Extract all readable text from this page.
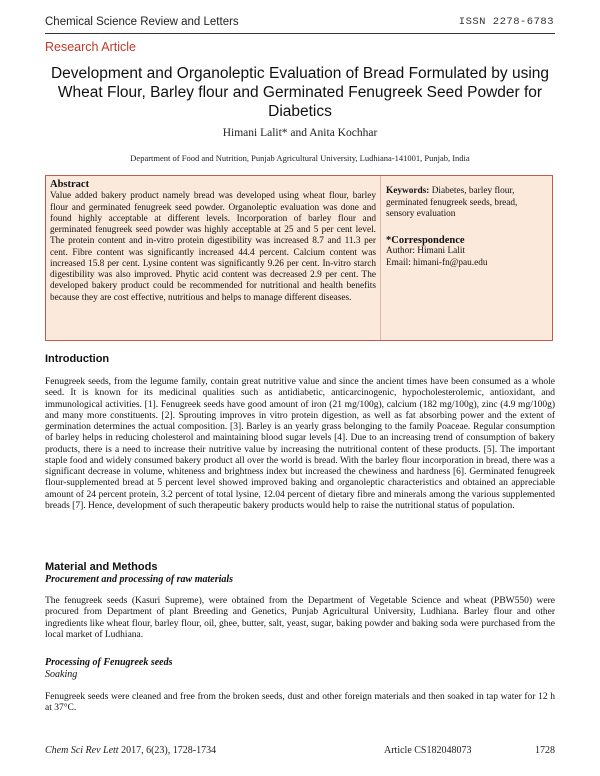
Chemical Science Review and Letters	ISSN 2278-6783
Research Article
Development and Organoleptic Evaluation of Bread Formulated by using Wheat Flour, Barley flour and Germinated Fenugreek Seed Powder for Diabetics
Himani Lalit* and Anita Kochhar
Department of Food and Nutrition, Punjab Agricultural University, Ludhiana-141001, Punjab, India
Abstract
Value added bakery product namely bread was developed using wheat flour, barley flour and germinated fenugreek seed powder. Organoleptic evaluation was done and found highly acceptable at different levels. Incorporation of barley flour and germinated fenugreek seed powder was highly acceptable at 25 and 5 per cent level. The protein content and in-vitro protein digestibility was increased 8.7 and 11.3 per cent. Fibre content was significantly increased 44.4 percent. Calcium content was increased 15.8 per cent. Lysine content was significantly 9.26 per cent. In-vitro starch digestibility was also improved. Phytic acid content was decreased 2.9 per cent. The developed bakery product could be recommended for nutritional and health benefits because they are cost effective, nutritious and helps to manage different diseases.
Keywords: Diabetes, barley flour, germinated fenugreek seeds, bread, sensory evaluation
*Correspondence
Author: Himani Lalit
Email: himani-fn@pau.edu
Introduction

Fenugreek seeds, from the legume family, contain great nutritive value and since the ancient times have been consumed as a whole seed. It is known for its medicinal qualities such as antidiabetic, anticarcinogenic, hypocholesterolemic, antioxidant, and immunological activities. [1]. Fenugreek seeds have good amount of iron (21 mg/100g), calcium (182 mg/100g), zinc (4.9 mg/100g) and many more constituents. [2]. Sprouting improves in vitro protein digestion, as well as fat absorbing power and the extent of germination determines the actual composition. [3]. Barley is an yearly grass belonging to the family Poaceae. Regular consumption of barley helps in reducing cholesterol and maintaining blood sugar levels [4]. Due to an increasing trend of consumption of bakery products, there is a need to increase their nutritive value by increasing the nutritional content of these products. [5]. The important staple food and widely consumed bakery product all over the world is bread. With the barley flour incorporation in bread, there was a significant decrease in volume, whiteness and brightness index but increased the chewiness and hardness [6]. Germinated fenugreek flour-supplemented bread at 5 percent level showed improved baking and organoleptic characteristics and obtained an appreciable amount of 24 percent protein, 3.2 percent of total lysine, 12.04 percent of dietary fibre and minerals among the various supplemented breads [7]. Hence, development of such therapeutic bakery products would help to raise the nutritional status of population.

Material and Methods
Procurement and processing of raw materials

The fenugreek seeds (Kasuri Supreme), were obtained from the Department of Vegetable Science and wheat (PBW550) were procured from Department of plant Breeding and Genetics, Punjab Agricultural University, Ludhiana. Barley flour and other ingredients like wheat flour, barley flour, oil, ghee, butter, salt, yeast, sugar, baking powder and baking soda were purchased from the local market of Ludhiana.

Processing of Fenugreek seeds
Soaking

Fenugreek seeds were cleaned and free from the broken seeds, dust and other foreign materials and then soaked in tap water for 12 h at 37°C.

Chem Sci Rev Lett 2017, 6(23), 1728-1734	Article CS182048073	1728
